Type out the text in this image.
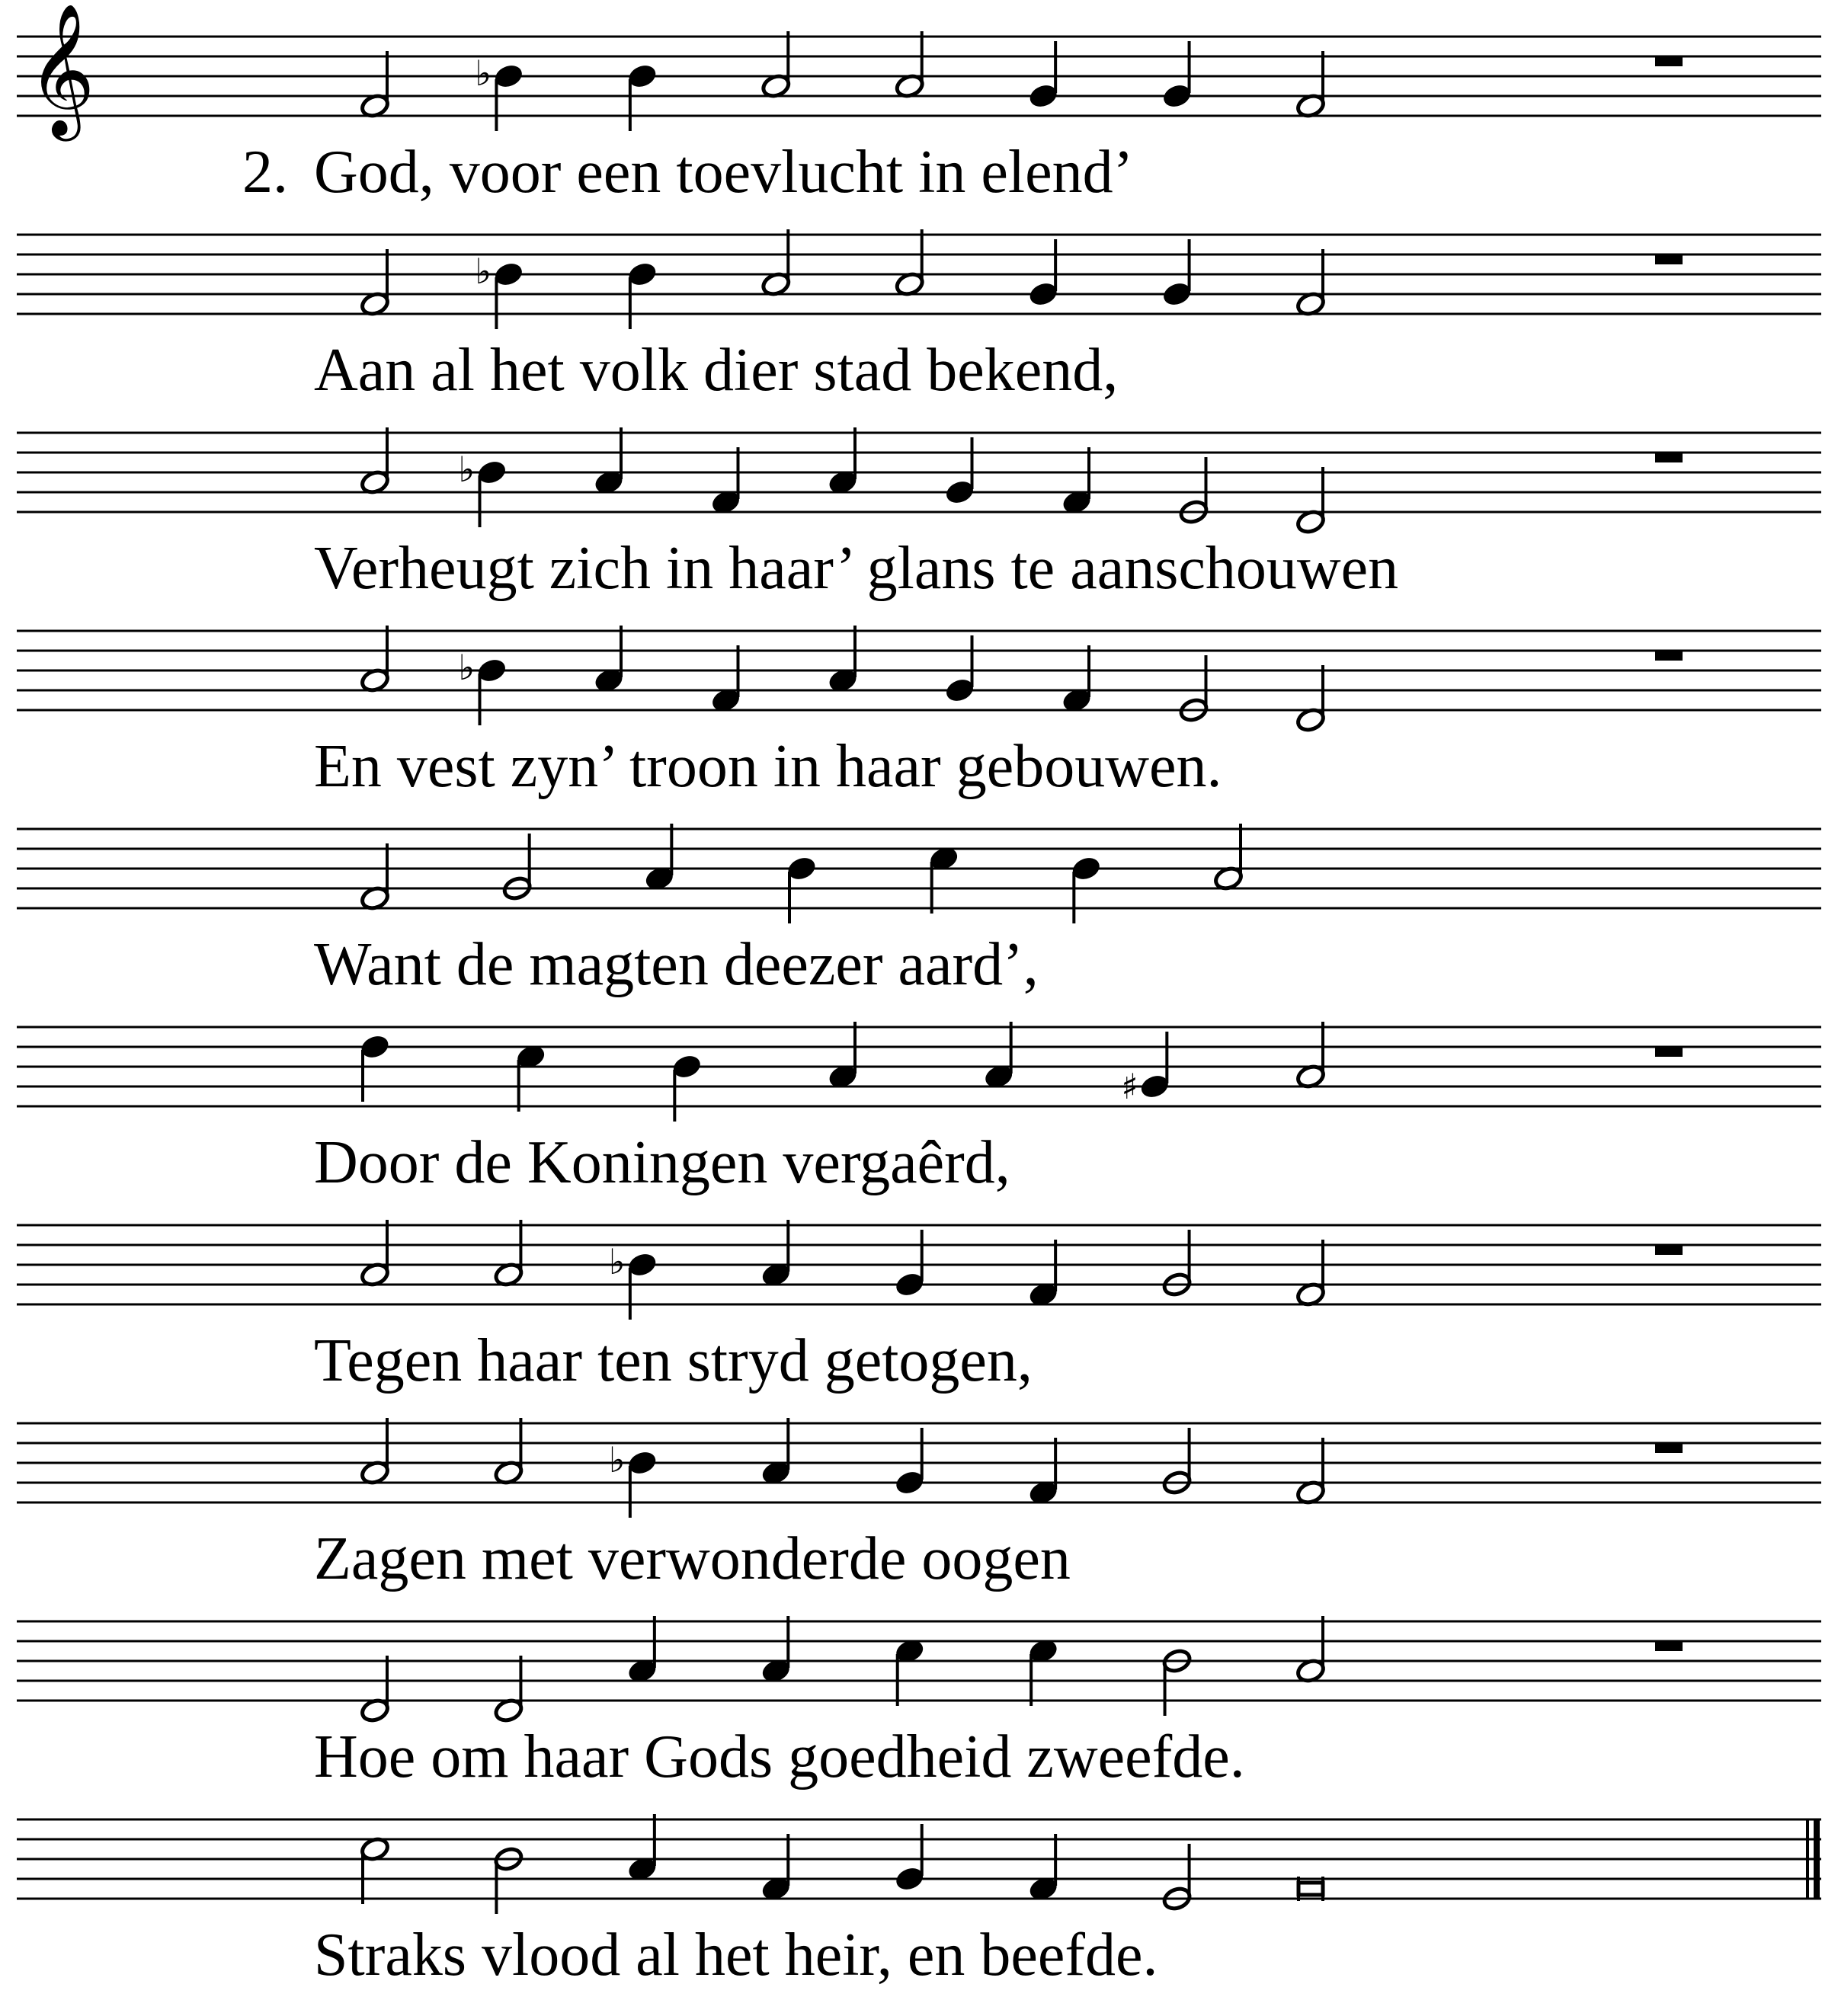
𝄞	♭
2. God, voor een toevlucht in elend’
♭
Aan al het volk dier stad bekend,
♭
Verheugt zich in haar’ glans te aanschouwen
♭
En vest zyn’ troon in haar gebouwen.
Want de magten deezer aard’,
♯
Door de Koningen vergaêrd,
♭
Tegen haar ten stryd getogen,
♭
Zagen met verwonderde oogen
Hoe om haar Gods goedheid zweefde.
Straks vlood al het heir, en beefde.
